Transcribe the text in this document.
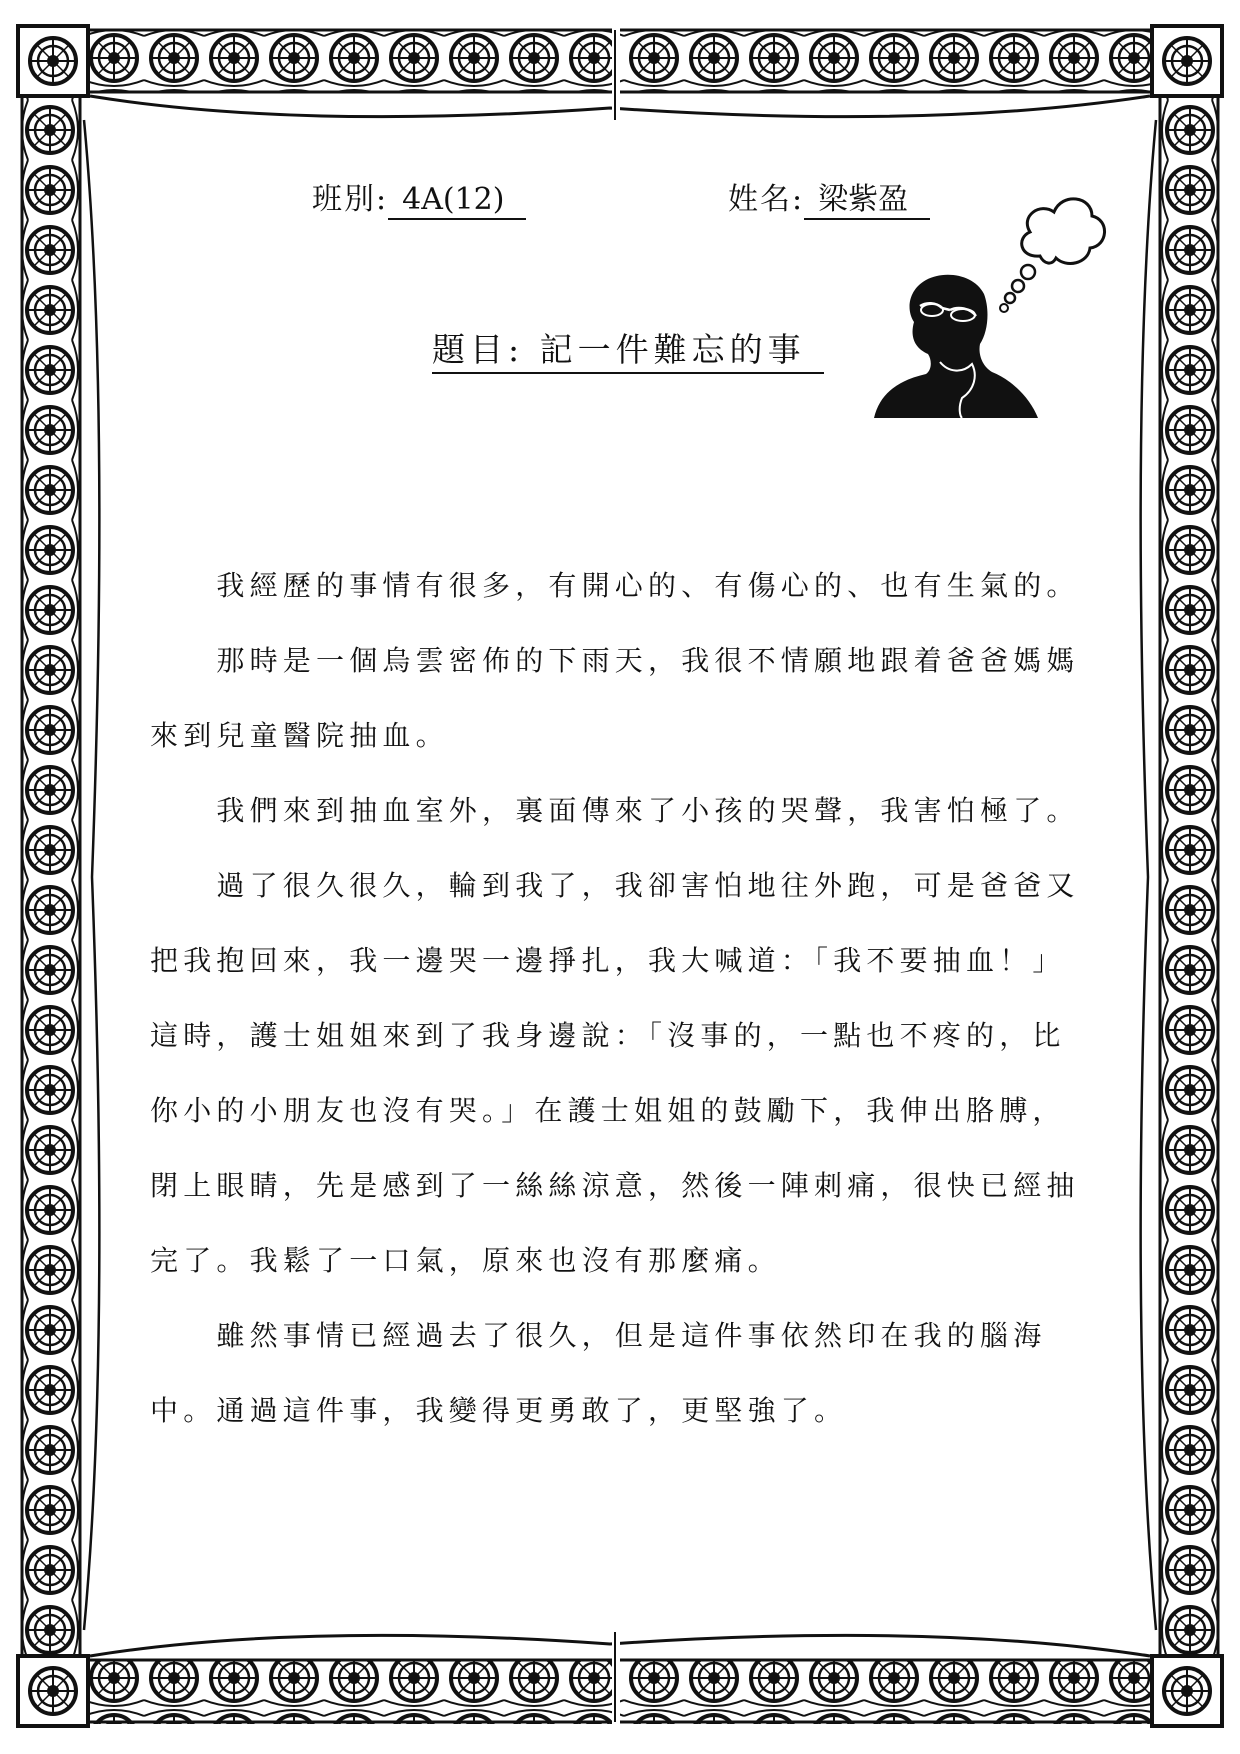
班別: 4A(12)	姓名: 梁紫盈
題目: 記一件難忘的事

　　我經歷的事情有很多，有開心的、有傷心的、也有生氣的。

　　那時是一個烏雲密佈的下雨天，我很不情願地跟着爸爸媽媽
來到兒童醫院抽血。

　　我們來到抽血室外，裏面傳來了小孩的哭聲，我害怕極了。

　　過了很久很久，輪到我了，我卻害怕地往外跑，可是爸爸又
把我抱回來，我一邊哭一邊掙扎，我大喊道：「我不要抽血！」
這時，護士姐姐來到了我身邊說：「沒事的，一點也不疼的，比
你小的小朋友也沒有哭。」在護士姐姐的鼓勵下，我伸出胳膊，
閉上眼睛，先是感到了一絲絲涼意，然後一陣刺痛，很快已經抽
完了。我鬆了一口氣，原來也沒有那麼痛。

　　雖然事情已經過去了很久，但是這件事依然印在我的腦海
中。通過這件事，我變得更勇敢了，更堅強了。
